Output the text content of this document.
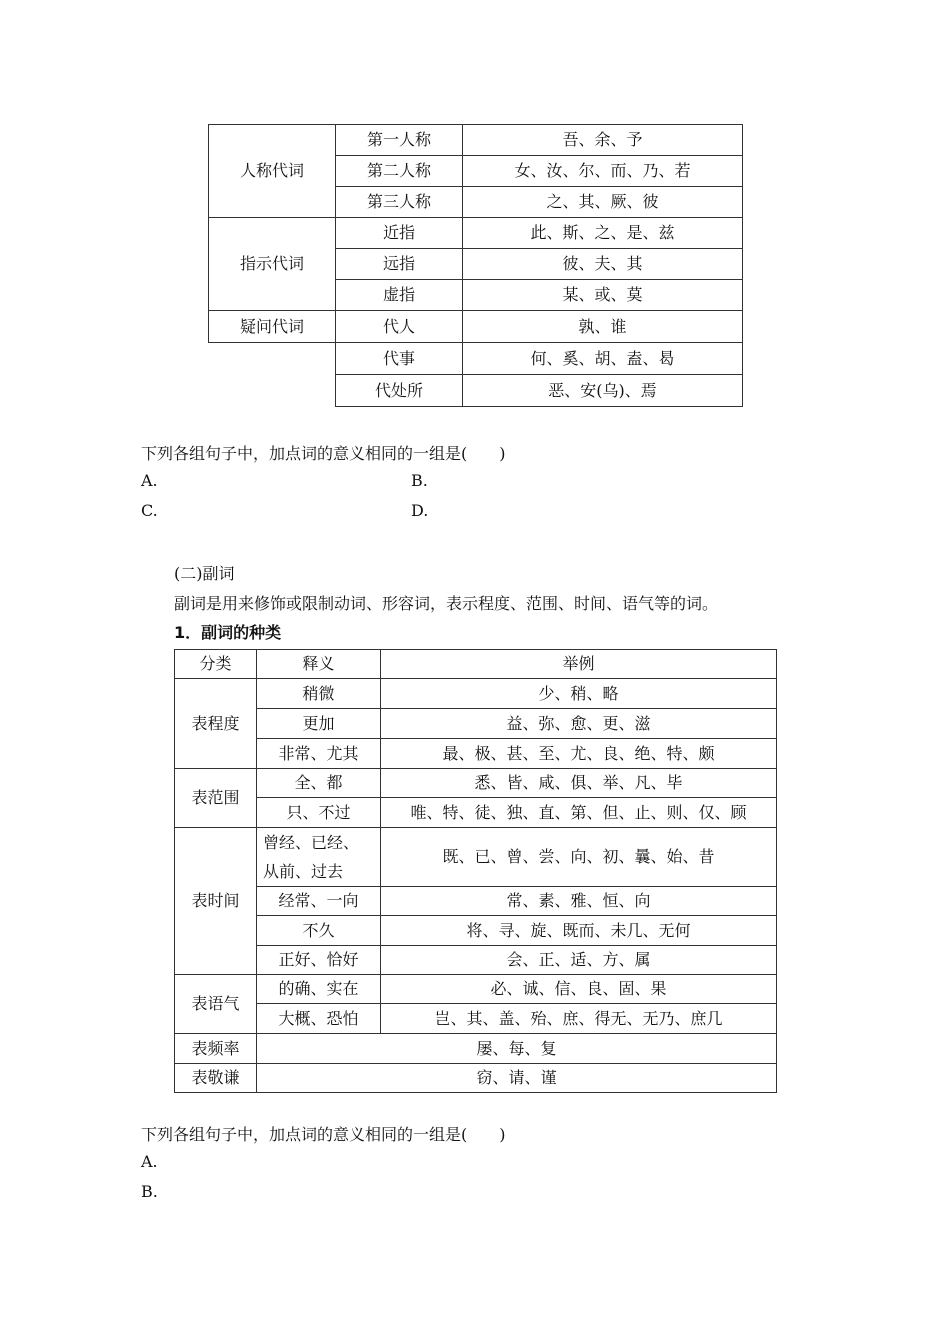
人称代词	第一人称	吾、余、予
	第二人称	女、汝、尔、而、乃、若
	第三人称	之、其、厥、彼
指示代词	近指	此、斯、之、是、兹
	远指	彼、夫、其
	虚指	某、或、莫
疑问代词	代人	孰、谁
	代事	何、奚、胡、盍、曷
	代处所	恶、安(乌)、焉
下列各组句子中，加点词的意义相同的一组是(　　)
A.	B.
C.	D.
(二)副词
副词是用来修饰或限制动词、形容词，表示程度、范围、时间、语气等的词。
1．副词的种类
分类	释义	举例
表程度	稍微	少、稍、略
	更加	益、弥、愈、更、滋
	非常、尤其	最、极、甚、至、尤、良、绝、特、颇
表范围	全、都	悉、皆、咸、俱、举、凡、毕
	只、不过	唯、特、徒、独、直、第、但、止、则、仅、顾
表时间	曾经、已经、
从前、过去	既、已、曾、尝、向、初、曩、始、昔
	经常、一向	常、素、雅、恒、向
	不久	将、寻、旋、既而、未几、无何
	正好、恰好	会、正、适、方、属
表语气	的确、实在	必、诚、信、良、固、果
	大概、恐怕	岂、其、盖、殆、庶、得无、无乃、庶几
表频率	屡、每、复	
表敬谦	窃、请、谨	
下列各组句子中，加点词的意义相同的一组是(　　)
A.
B.
